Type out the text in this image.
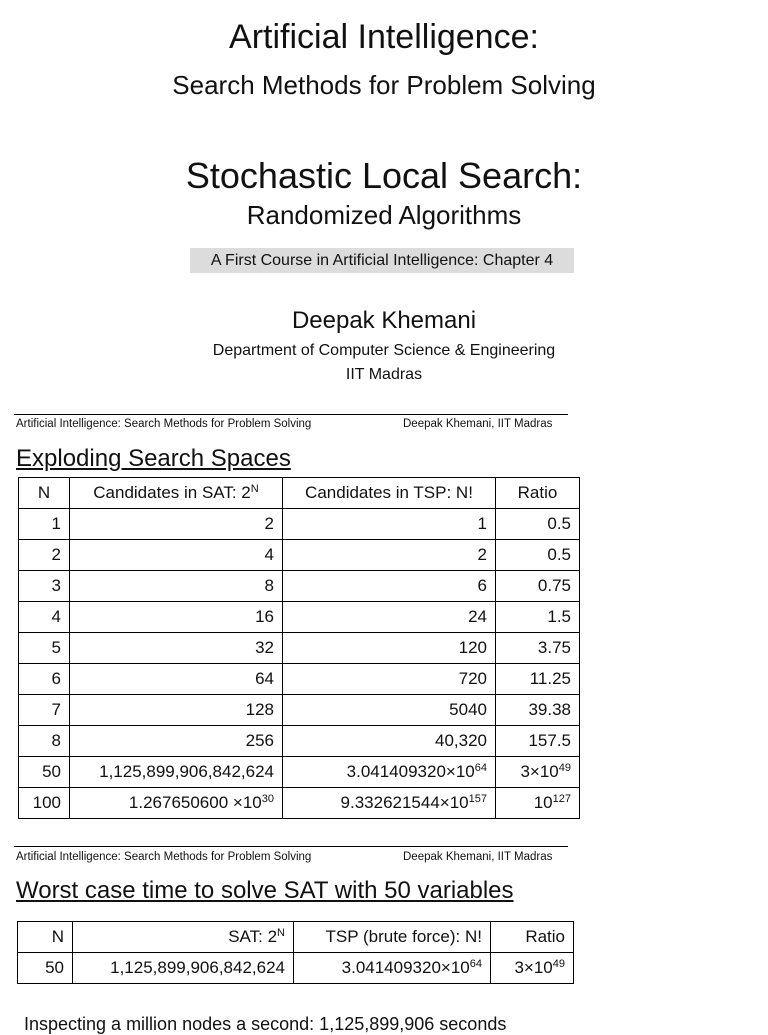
Artificial Intelligence:
Search Methods for Problem Solving
Stochastic Local Search:
Randomized Algorithms
A First Course in Artificial Intelligence: Chapter 4
Deepak Khemani
Department of Computer Science & Engineering
IIT Madras
Artificial Intelligence: Search Methods for Problem Solving	Deepak Khemani, IIT Madras
Exploding Search Spaces
N	Candidates in SAT: $2^N$	Candidates in TSP: N!	Ratio
1	2	1	0.5
2	4	2	0.5
3	8	6	0.75
4	16	24	1.5
5	32	120	3.75
6	64	720	11.25
7	128	5040	39.38
8	256	40,320	157.5
50	1,125,899,906,842,624	$3.041409320\times 10^{64}$	$3\times 10^{49}$
100	$1.267650600 \times 10^{30}$	$9.332621544\times 10^{157}$	$10^{127}$
Artificial Intelligence: Search Methods for Problem Solving	Deepak Khemani, IIT Madras
Worst case time to solve SAT with 50 variables
N	SAT: $2^N$	TSP (brute force): N!	Ratio
50	1,125,899,906,842,624	$3.041409320\times 10^{64}$	$3\times 10^{49}$
Inspecting a million nodes a second: 1,125,899,906 seconds
